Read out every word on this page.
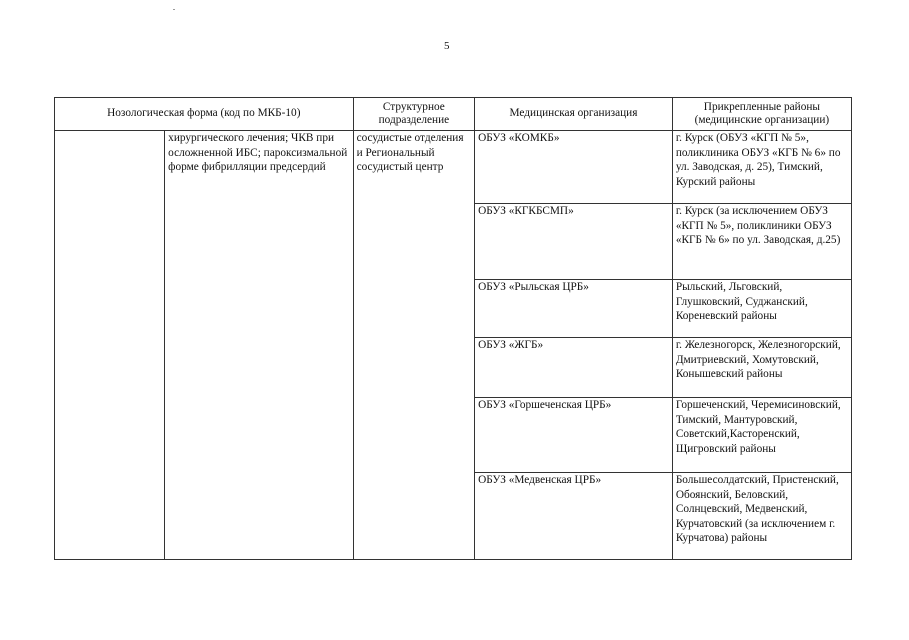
5
Нозологическая форма (код по МКБ-10)		Структурное подразделение	Медицинская организация	Прикрепленные районы (медицинские организации)

	хирургического лечения; ЧКВ при осложненной ИБС; пароксизмальной форме фибрилляции предсердий	сосудистые отделения и Региональный сосудистый центр	ОБУЗ «КОМКБ»	г. Курск (ОБУЗ «КГП № 5», поликлиника ОБУЗ «КГБ № 6» по ул. Заводская, д. 25), Тимский, Курский районы
			ОБУЗ «КГКБСМП»	г. Курск (за исключением ОБУЗ «КГП № 5», поликлиники ОБУЗ «КГБ № 6» по ул. Заводская, д.25)
			ОБУЗ «Рыльская ЦРБ»	Рыльский, Льговский, Глушковский, Суджанский, Кореневский районы
			ОБУЗ «ЖГБ»	г. Железногорск, Железногорский, Дмитриевский, Хомутовский, Конышевский районы
			ОБУЗ «Горшеченская ЦРБ»	Горшеченский, Черемисиновский, Тимский, Мантуровский, Советский,Касторенский, Щигровский районы
			ОБУЗ «Медвенская ЦРБ»	Большесолдатский, Пристенский, Обоянский, Беловский, Солнцевский, Медвенский, Курчатовский (за исключением г. Курчатова) районы
